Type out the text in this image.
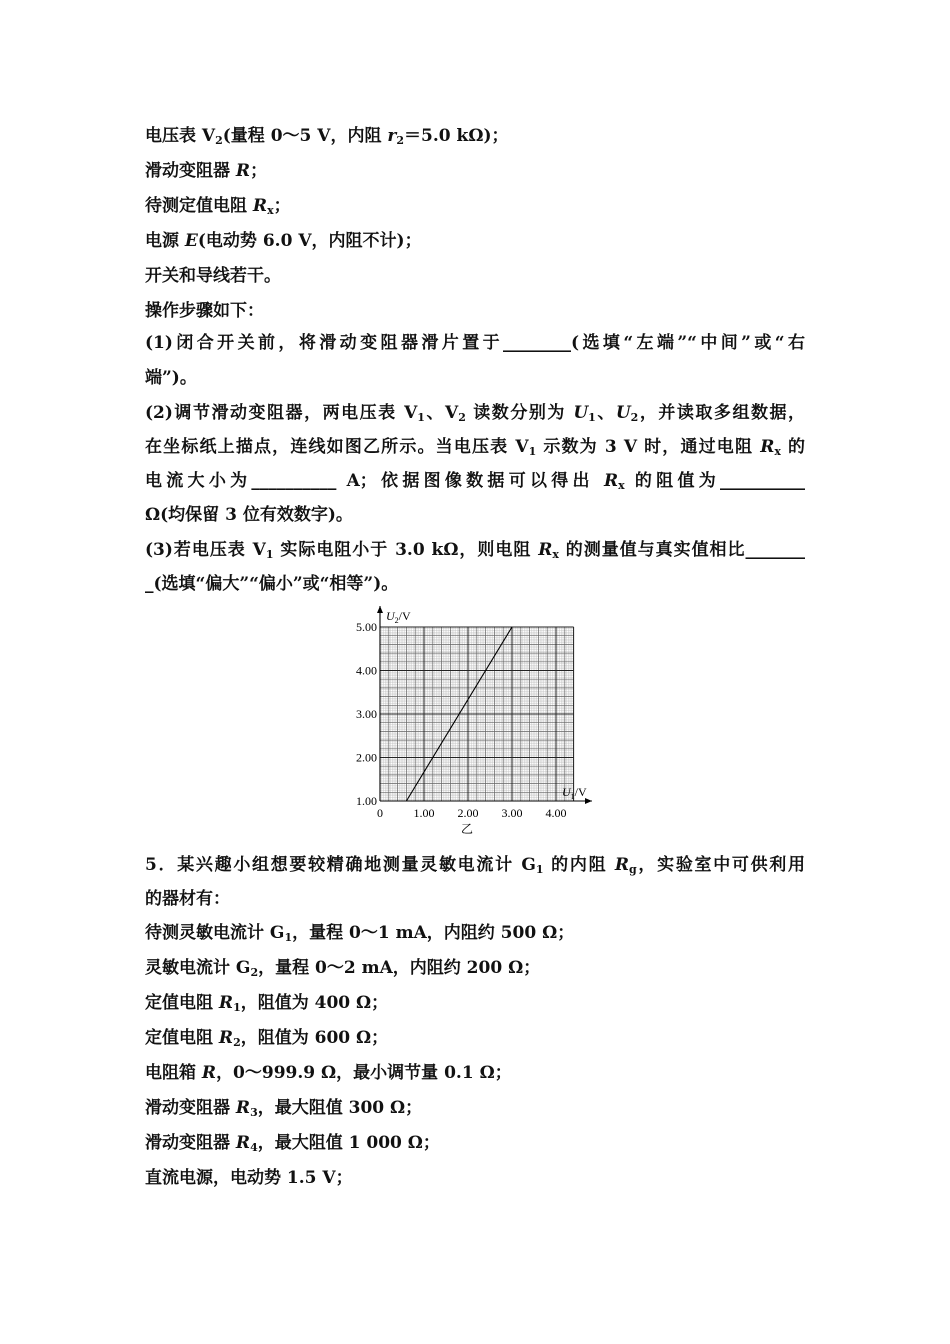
电压表 $V_2$(量程 0～5 V，内阻 $r_2=5.0$ kΩ)；
滑动变阻器 R；
待测定值电阻 $R_x$；
电源 E(电动势 6.0 V，内阻不计)；
开关和导线若干。
操作步骤如下：
(1)闭合开关前，将滑动变阻器滑片置于________(选填“左端”“中间”或“右
端”)。
(2)调节滑动变阻器，两电压表 $V_1$、$V_2$ 读数分别为 $U_1$、$U_2$，并读取多组数据，
在坐标纸上描点，连线如图乙所示。当电压表 $V_1$ 示数为 3 V 时，通过电阻 $R_x$ 的
电流大小为__________ A；依据图像数据可以得出 $R_x$ 的阻值为__________
Ω(均保留 3 位有效数字)。
(3)若电压表 $V_1$ 实际电阻小于 3.0 kΩ，则电阻 $R_x$ 的测量值与真实值相比_______
_(选填“偏大”“偏小”或“相等”)。
5．某兴趣小组想要较精确地测量灵敏电流计 $G_1$ 的内阻 $R_g$，实验室中可供利用
的器材有：
待测灵敏电流计 $G_1$，量程 0～1 mA，内阻约 500 Ω；
灵敏电流计 $G_2$，量程 0～2 mA，内阻约 200 Ω；
定值电阻 $R_1$，阻值为 400 Ω；
定值电阻 $R_2$，阻值为 600 Ω；
电阻箱 R，0～999.9 Ω，最小调节量 0.1 Ω；
滑动变阻器 $R_3$，最大阻值 300 Ω；
滑动变阻器 $R_4$，最大阻值 1 000 Ω；
直流电源，电动势 1.5 V；
$U_2/V$
$U_1/V$
1.00 2.00 3.00 4.00
1.00
2.00
3.00
4.00
5.00
乙
0
